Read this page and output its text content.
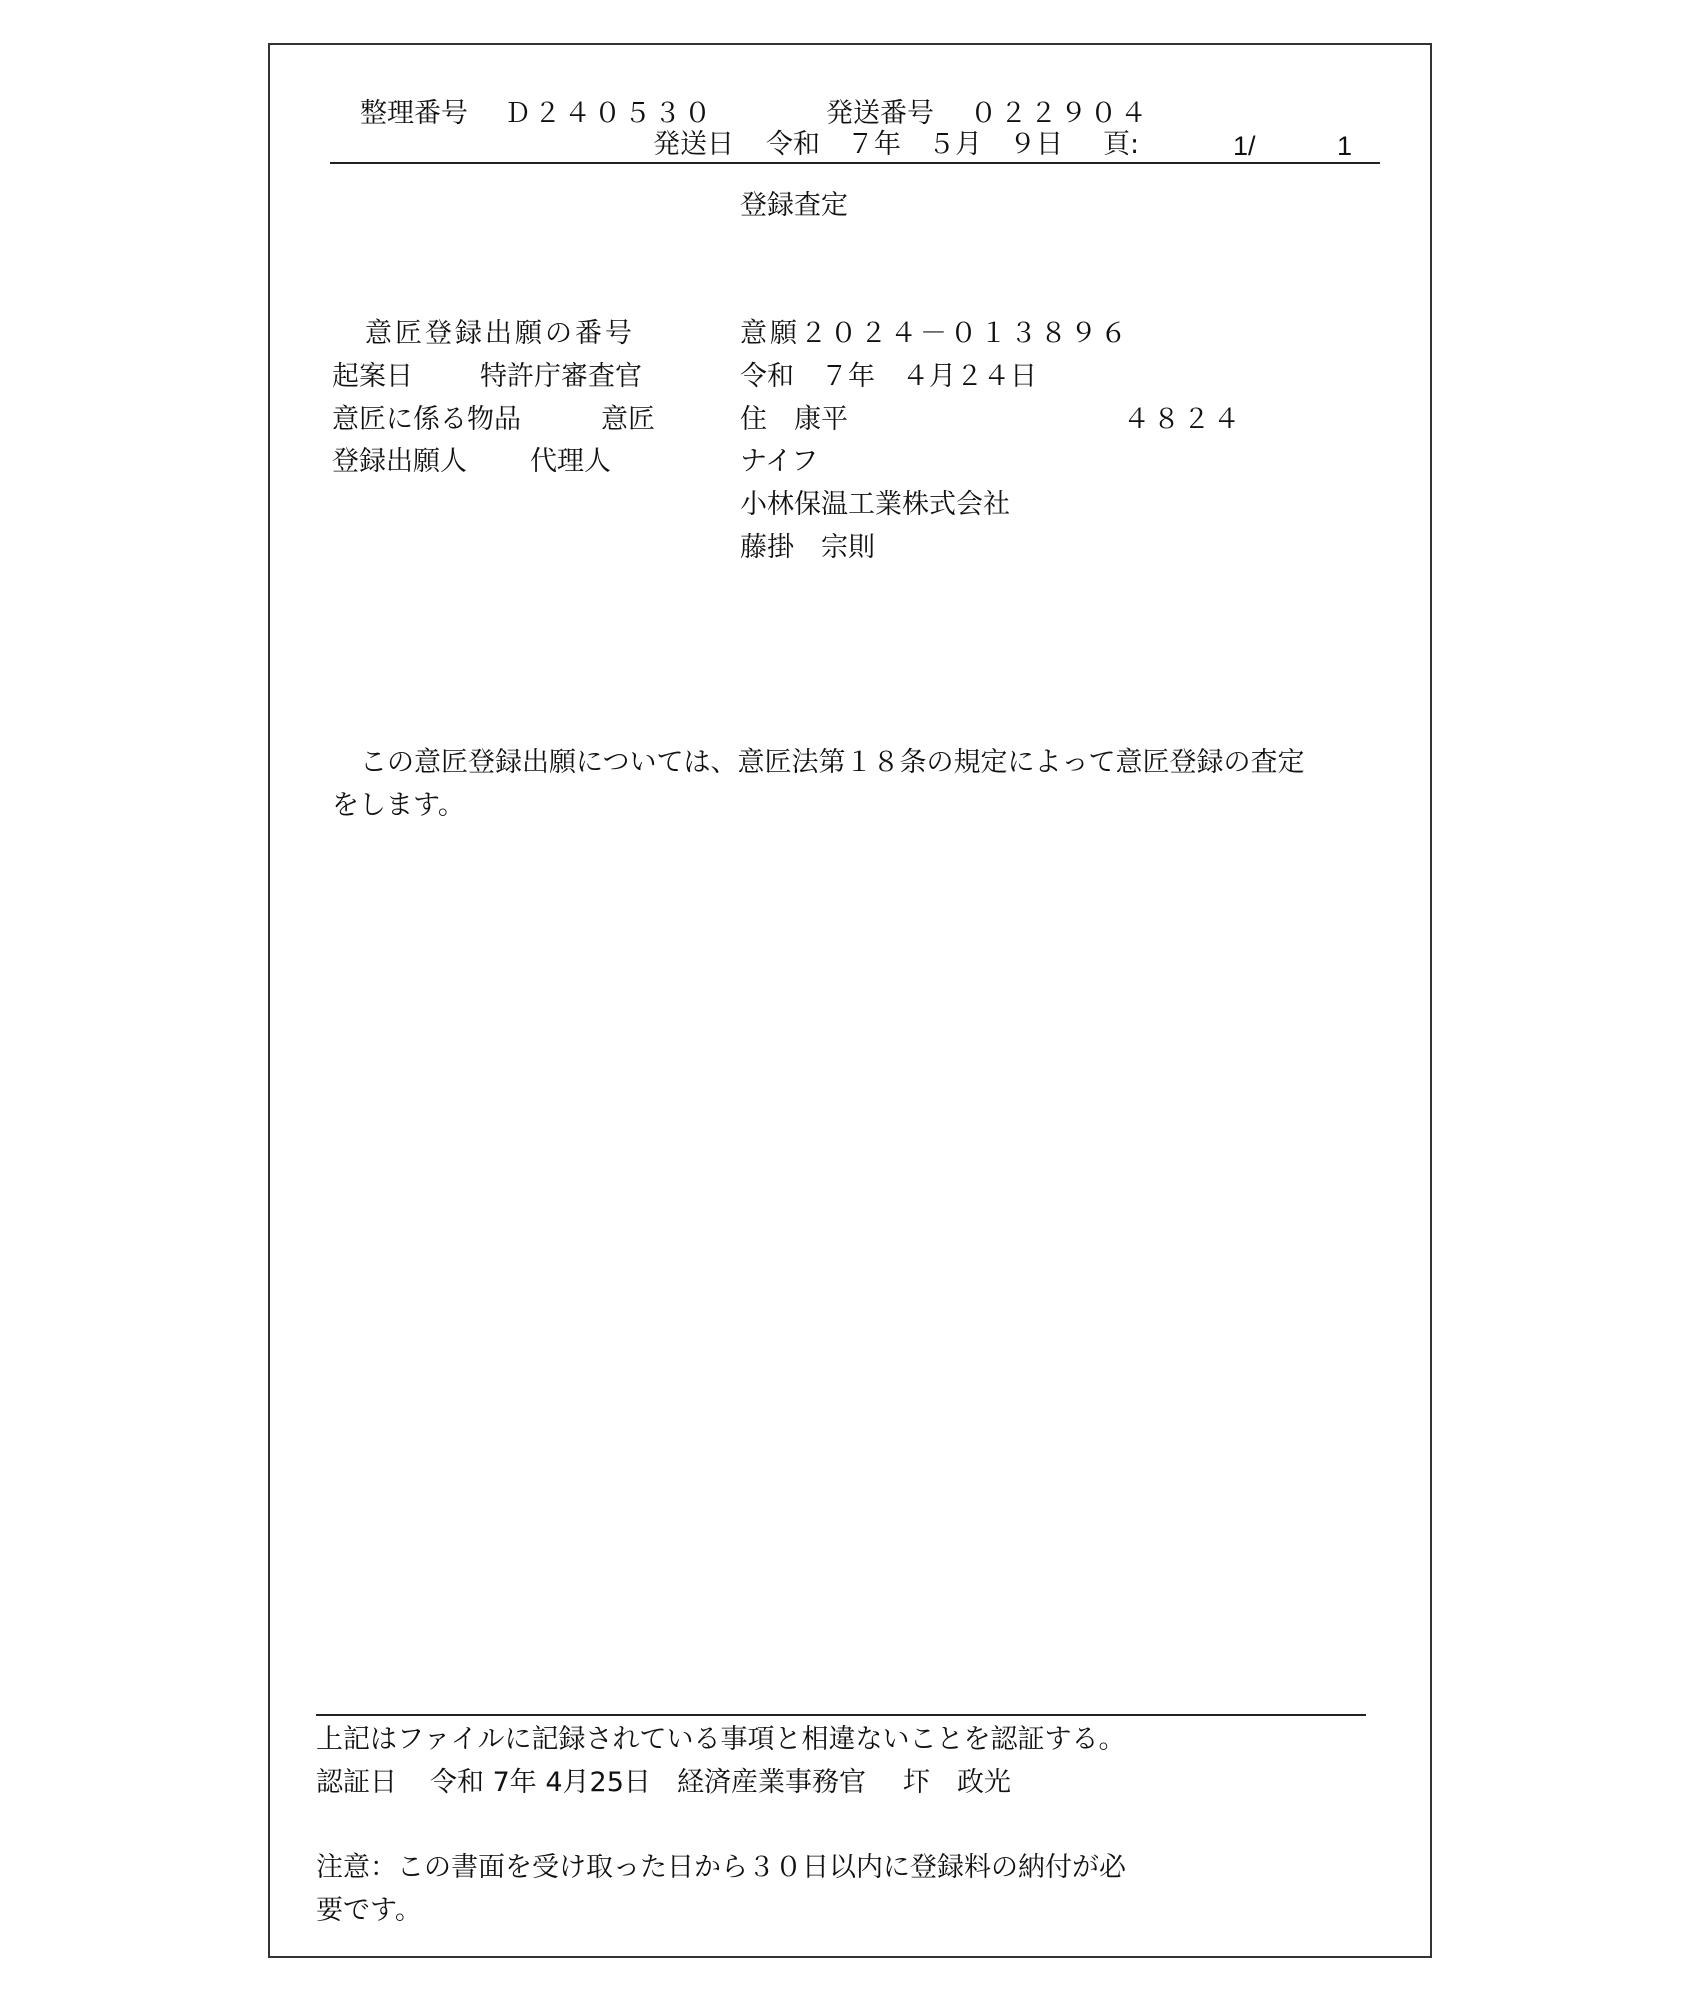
整理番号 Ｄ２４０５３０	発送番号 ０２２９０４
発送日 令和　７年　５月　９日 頁:	1/	1
登録査定
意匠登録出願の番号	意願２０２４－０１３８９６
起案日 特許庁審査官	令和　７年　４月２４日
意匠に係る物品	意匠	住　康平	４８２４
登録出願人 代理人	ナイフ
小林保温工業株式会社
藤掛　宗則
この意匠登録出願については、意匠法第１８条の規定によって意匠登録の査定
をします。
上記はファイルに記録されている事項と相違ないことを認証する。
認証日 令和 7年 4月25日 経済産業事務官 圷　政光
注意：この書面を受け取った日から３０日以内に登録料の納付が必
要です。
